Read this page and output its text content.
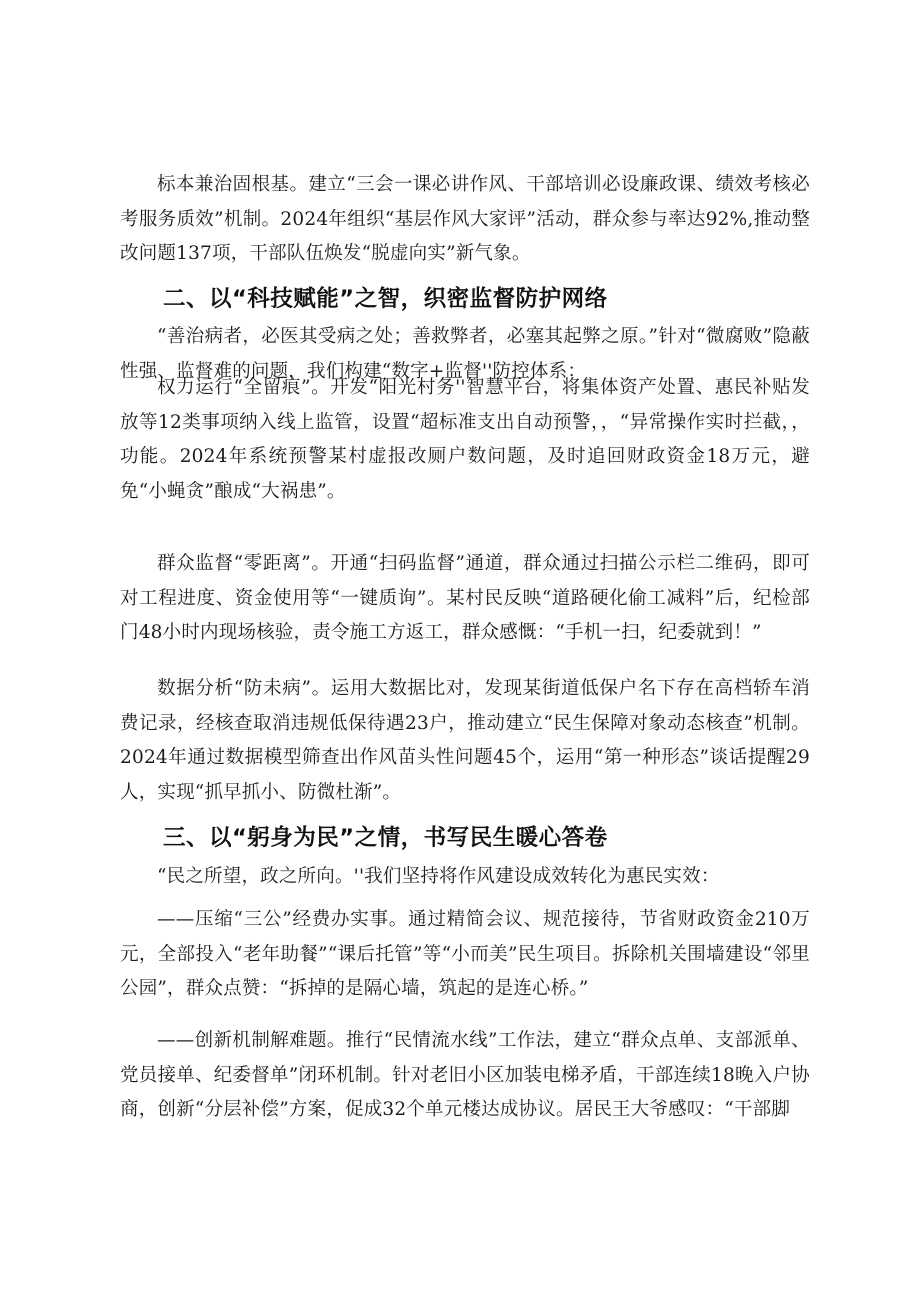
标本兼治固根基。建立“三会一课必讲作风、干部培训必设廉政课、绩效考核必考服务质效”机制。2024年组织“基层作风大家评”活动，群众参与率达92%,推动整改问题137项，干部队伍焕发“脱虚向实”新气象。

二、以“科技赋能”之智，织密监督防护网络

“善治病者，必医其受病之处；善救弊者，必塞其起弊之原。”针对“微腐败”隐蔽性强、监督难的问题，我们构建“数字+监督''防控体系：

权力运行“全留痕”。开发“阳光村务''智慧平台，将集体资产处置、惠民补贴发放等12类事项纳入线上监管，设置“超标准支出自动预警，，“异常操作实时拦截，，功能。2024年系统预警某村虚报改厕户数问题，及时追回财政资金18万元，避免“小蝇贪”酿成“大祸患”。

群众监督“零距离”。开通“扫码监督”通道，群众通过扫描公示栏二维码，即可对工程进度、资金使用等“一键质询”。某村民反映“道路硬化偷工减料”后，纪检部门48小时内现场核验，责令施工方返工，群众感慨：“手机一扫，纪委就到！”

数据分析“防未病”。运用大数据比对，发现某街道低保户名下存在高档轿车消费记录，经核查取消违规低保待遇23户，推动建立“民生保障对象动态核查”机制。2024年通过数据模型筛查出作风苗头性问题45个，运用“第一种形态”谈话提醒29人，实现“抓早抓小、防微杜渐”。

三、以“躬身为民”之情，书写民生暖心答卷

“民之所望，政之所向。''我们坚持将作风建设成效转化为惠民实效：

——压缩“三公”经费办实事。通过精简会议、规范接待，节省财政资金210万元，全部投入“老年助餐”“课后托管”等“小而美”民生项目。拆除机关围墙建设“邻里公园”，群众点赞：“拆掉的是隔心墙，筑起的是连心桥。”

——创新机制解难题。推行“民情流水线”工作法，建立“群众点单、支部派单、党员接单、纪委督单”闭环机制。针对老旧小区加装电梯矛盾，干部连续18晚入户协商，创新“分层补偿”方案，促成32个单元楼达成协议。居民王大爷感叹：“干部脚
